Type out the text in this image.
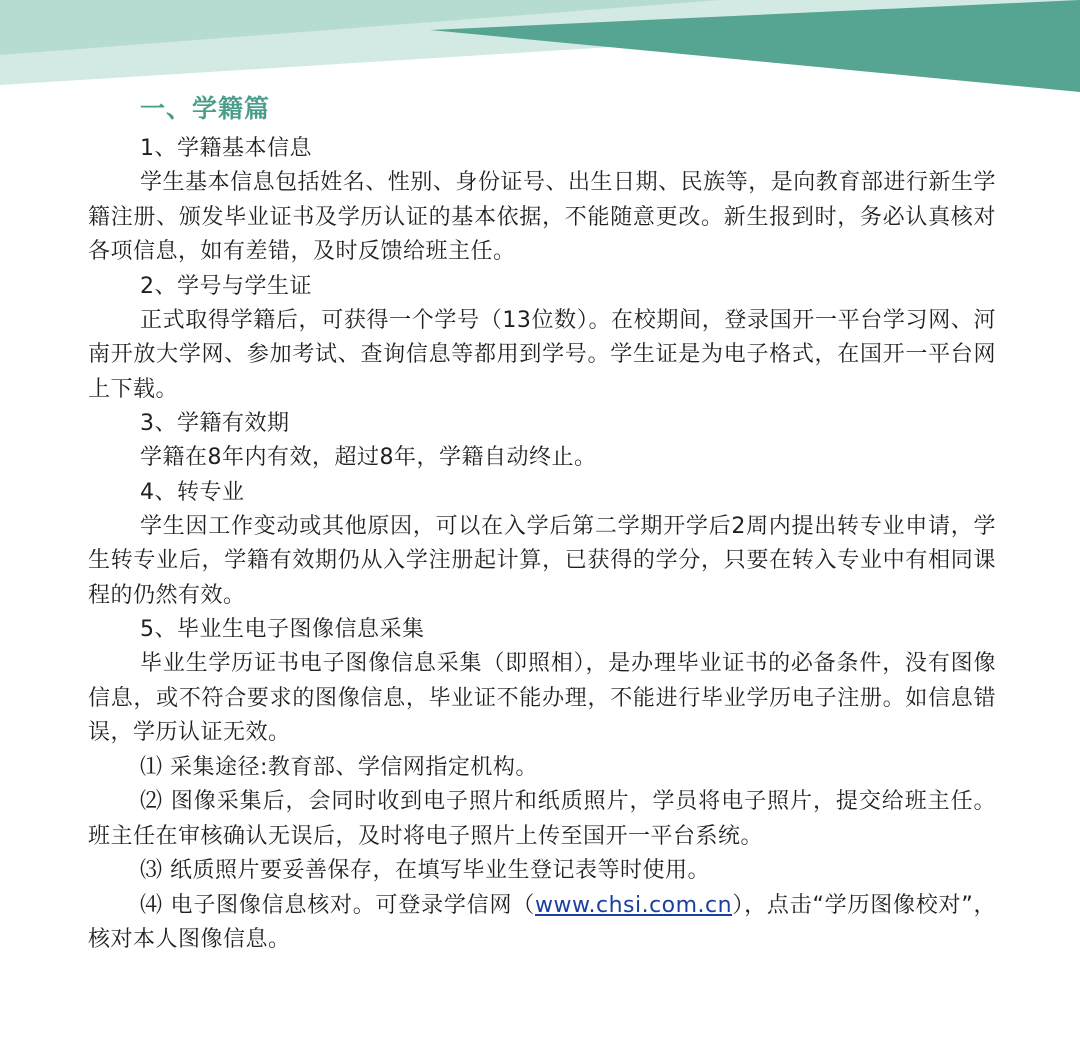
一、学籍篇

1、学籍基本信息

学生基本信息包括姓名、性别、身份证号、出生日期、民族等，是向教育部进行新生学籍注册、颁发毕业证书及学历认证的基本依据，不能随意更改。新生报到时，务必认真核对各项信息，如有差错，及时反馈给班主任。

2、学号与学生证

正式取得学籍后，可获得一个学号（13位数）。在校期间，登录国开一平台学习网、河南开放大学网、参加考试、查询信息等都用到学号。学生证是为电子格式，在国开一平台网上下载。

3、学籍有效期

学籍在8年内有效，超过8年，学籍自动终止。

4、转专业

学生因工作变动或其他原因，可以在入学后第二学期开学后2周内提出转专业申请，学生转专业后，学籍有效期仍从入学注册起计算，已获得的学分，只要在转入专业中有相同课程的仍然有效。

5、毕业生电子图像信息采集

毕业生学历证书电子图像信息采集（即照相），是办理毕业证书的必备条件，没有图像信息，或不符合要求的图像信息，毕业证不能办理，不能进行毕业学历电子注册。如信息错误，学历认证无效。

⑴ 采集途径:教育部、学信网指定机构。

⑵ 图像采集后，会同时收到电子照片和纸质照片，学员将电子照片，提交给班主任。班主任在审核确认无误后，及时将电子照片上传至国开一平台系统。

⑶ 纸质照片要妥善保存，在填写毕业生登记表等时使用。

⑷ 电子图像信息核对。可登录学信网（www.chsi.com.cn），点击“学历图像校对”，核对本人图像信息。
